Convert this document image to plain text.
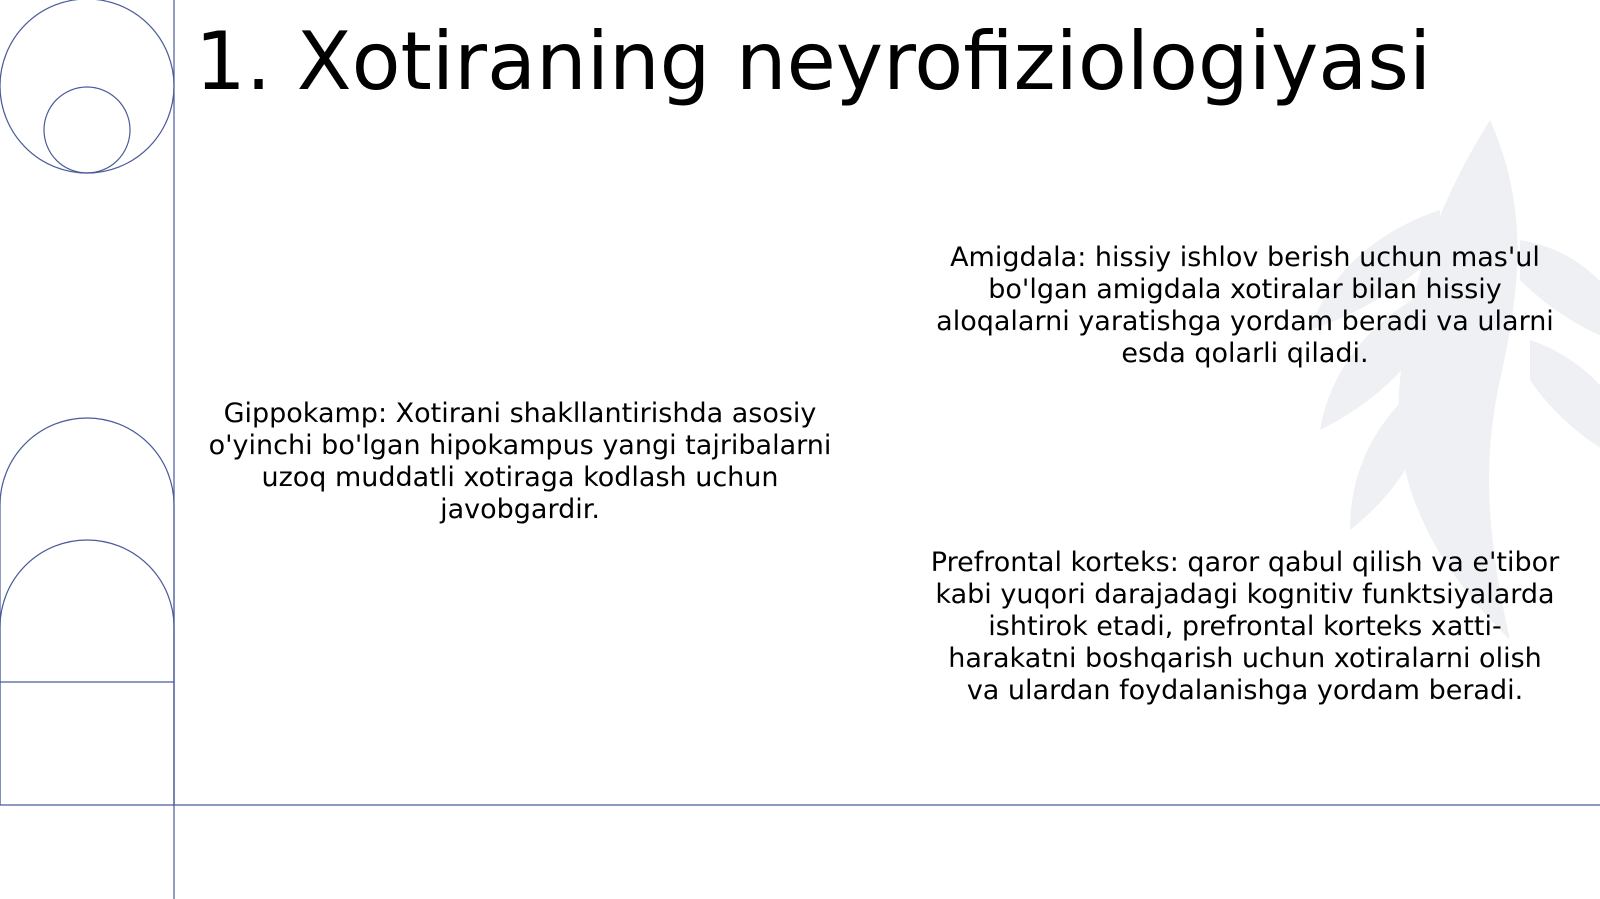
1. Xotiraning neyrofiziologiyasi

Gippokamp: Xotirani shakllantirishda asosiy o'yinchi bo'lgan hipokampus yangi tajribalarni uzoq muddatli xotiraga kodlash uchun javobgardir.

Amigdala: hissiy ishlov berish uchun mas'ul bo'lgan amigdala xotiralar bilan hissiy aloqalarni yaratishga yordam beradi va ularni esda qolarli qiladi.

Prefrontal korteks: qaror qabul qilish va e'tibor kabi yuqori darajadagi kognitiv funktsiyalarda ishtirok etadi, prefrontal korteks xatti-harakatni boshqarish uchun xotiralarni olish va ulardan foydalanishga yordam beradi.
